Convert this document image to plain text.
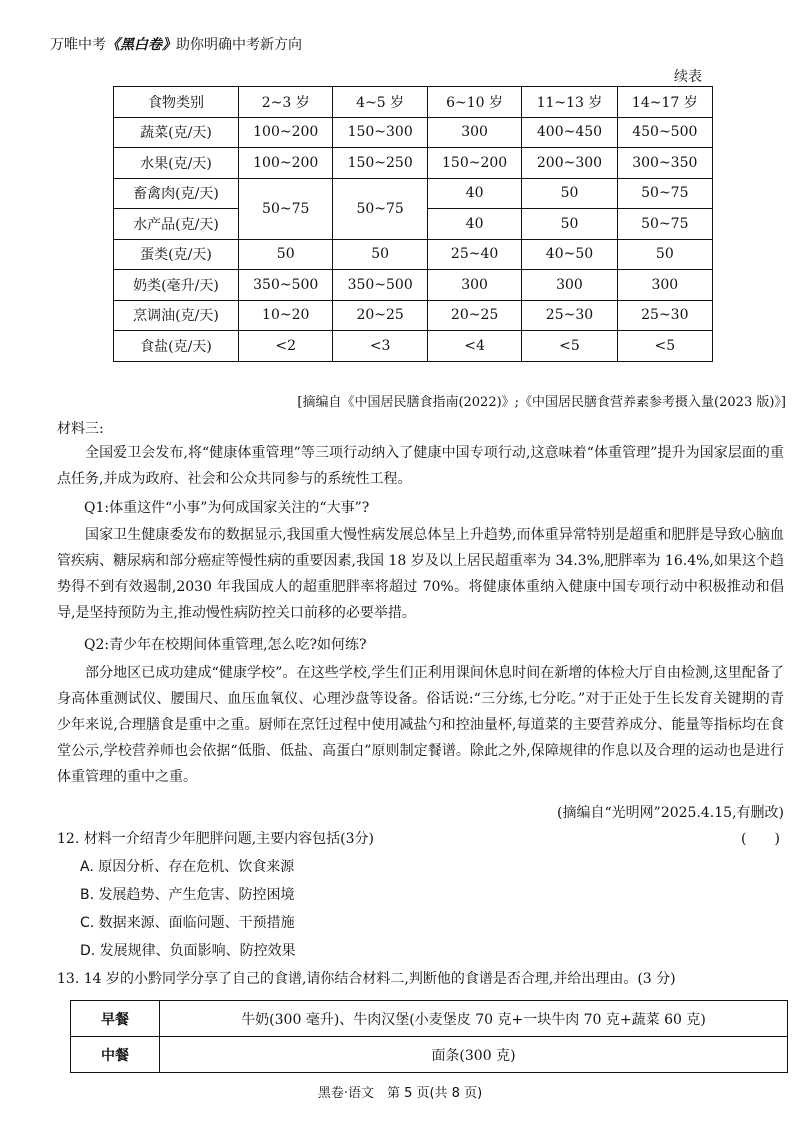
万唯中考《黑白卷》助你明确中考新方向
续表
食物类别	2~3 岁	4~5 岁	6~10 岁	11~13 岁	14~17 岁
蔬菜(克/天)	100~200	150~300	300	400~450	450~500
水果(克/天)	100~200	150~250	150~200	200~300	300~350
畜禽肉(克/天)	50~75	50~75	40	50	50~75
水产品(克/天)			40	50	50~75
蛋类(克/天)	50	50	25~40	40~50	50
奶类(毫升/天)	350~500	350~500	300	300	300
烹调油(克/天)	10~20	20~25	20~25	25~30	25~30
食盐(克/天)	<2	<3	<4	<5	<5
[摘编自《中国居民膳食指南(2022)》;《中国居民膳食营养素参考摄入量(2023 版)》]
材料三:
全国爱卫会发布,将“健康体重管理”等三项行动纳入了健康中国专项行动,这意味着“体重管理”提升为国家层面的重点任务,并成为政府、社会和公众共同参与的系统性工程。
Q1:体重这件“小事”为何成国家关注的“大事”?
国家卫生健康委发布的数据显示,我国重大慢性病发展总体呈上升趋势,而体重异常特别是超重和肥胖是导致心脑血管疾病、糖尿病和部分癌症等慢性病的重要因素,我国 18 岁及以上居民超重率为 34.3%,肥胖率为 16.4%,如果这个趋势得不到有效遏制,2030 年我国成人的超重肥胖率将超过 70%。将健康体重纳入健康中国专项行动中积极推动和倡导,是坚持预防为主,推动慢性病防控关口前移的必要举措。
Q2:青少年在校期间体重管理,怎么吃?如何练?
部分地区已成功建成“健康学校”。在这些学校,学生们正利用课间休息时间在新增的体检大厅自由检测,这里配备了身高体重测试仪、腰围尺、血压血氧仪、心理沙盘等设备。俗话说:“三分练,七分吃。”对于正处于生长发育关键期的青少年来说,合理膳食是重中之重。厨师在烹饪过程中使用减盐勺和控油量杯,每道菜的主要营养成分、能量等指标均在食堂公示,学校营养师也会依据“低脂、低盐、高蛋白”原则制定餐谱。除此之外,保障规律的作息以及合理的运动也是进行体重管理的重中之重。
(摘编自“光明网”2025.4.15,有删改)
12. 材料一介绍青少年肥胖问题,主要内容包括(3分)	(　　)
A. 原因分析、存在危机、饮食来源
B. 发展趋势、产生危害、防控困境
C. 数据来源、面临问题、干预措施
D. 发展规律、负面影响、防控效果
13. 14 岁的小黔同学分享了自己的食谱,请你结合材料二,判断他的食谱是否合理,并给出理由。(3 分)
早餐	牛奶(300 毫升)、牛肉汉堡(小麦堡皮 70 克+一块牛肉 70 克+蔬菜 60 克)
中餐	面条(300 克)
黑卷·语文　第 5 页(共 8 页)
